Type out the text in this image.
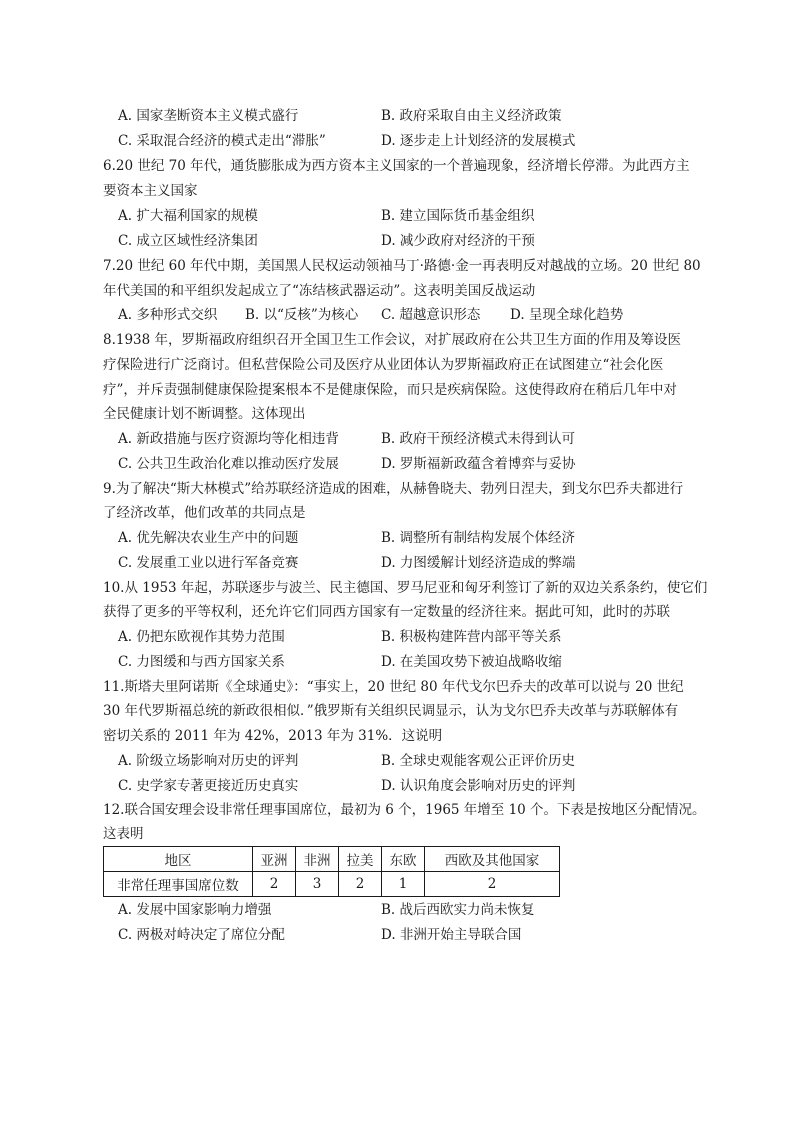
A. 国家垄断资本主义模式盛行	B. 政府采取自由主义经济政策
C. 采取混合经济的模式走出“滞胀”	D. 逐步走上计划经济的发展模式
6.20 世纪 70 年代，通货膨胀成为西方资本主义国家的一个普遍现象，经济增长停滞。为此西方主
要资本主义国家
A. 扩大福利国家的规模	B. 建立国际货币基金组织
C. 成立区域性经济集团	D. 减少政府对经济的干预
7.20 世纪 60 年代中期，美国黑人民权运动领袖马丁·路德·金一再表明反对越战的立场。20 世纪 80
年代美国的和平组织发起成立了“冻结核武器运动”。这表明美国反战运动
A. 多种形式交织 B. 以“反核”为核心 C. 超越意识形态 D. 呈现全球化趋势
8.1938 年，罗斯福政府组织召开全国卫生工作会议，对扩展政府在公共卫生方面的作用及筹设医
疗保险进行广泛商讨。但私营保险公司及医疗从业团体认为罗斯福政府正在试图建立“社会化医
疗”，并斥责强制健康保险提案根本不是健康保险，而只是疾病保险。这使得政府在稍后几年中对
全民健康计划不断调整。这体现出
A. 新政措施与医疗资源均等化相违背	B. 政府干预经济模式未得到认可
C. 公共卫生政治化难以推动医疗发展	D. 罗斯福新政蕴含着博弈与妥协
9.为了解决“斯大林模式”给苏联经济造成的困难，从赫鲁晓夫、勃列日涅夫，到戈尔巴乔夫都进行
了经济改革，他们改革的共同点是
A. 优先解决农业生产中的问题	B. 调整所有制结构发展个体经济
C. 发展重工业以进行军备竞赛	D. 力图缓解计划经济造成的弊端
10.从 1953 年起，苏联逐步与波兰、民主德国、罗马尼亚和匈牙利签订了新的双边关系条约，使它们
获得了更多的平等权利，还允许它们同西方国家有一定数量的经济往来。据此可知，此时的苏联
A. 仍把东欧视作其势力范围	B. 积极构建阵营内部平等关系
C. 力图缓和与西方国家关系	D. 在美国攻势下被迫战略收缩
11.斯塔夫里阿诺斯《全球通史》：“事实上，20 世纪 80 年代戈尔巴乔夫的改革可以说与 20 世纪
30 年代罗斯福总统的新政很相似．”俄罗斯有关组织民调显示，认为戈尔巴乔夫改革与苏联解体有
密切关系的 2011 年为 42%，2013 年为 31%．这说明
A. 阶级立场影响对历史的评判	B. 全球史观能客观公正评价历史
C. 史学家专著更接近历史真实	D. 认识角度会影响对历史的评判
12.联合国安理会设非常任理事国席位，最初为 6 个，1965 年增至 10 个。下表是按地区分配情况。
这表明
地区	亚洲	非洲	拉美	东欧	西欧及其他国家
非常任理事国席位数	2	3	2	1	2
A. 发展中国家影响力增强	B. 战后西欧实力尚未恢复
C. 两极对峙决定了席位分配	D. 非洲开始主导联合国
